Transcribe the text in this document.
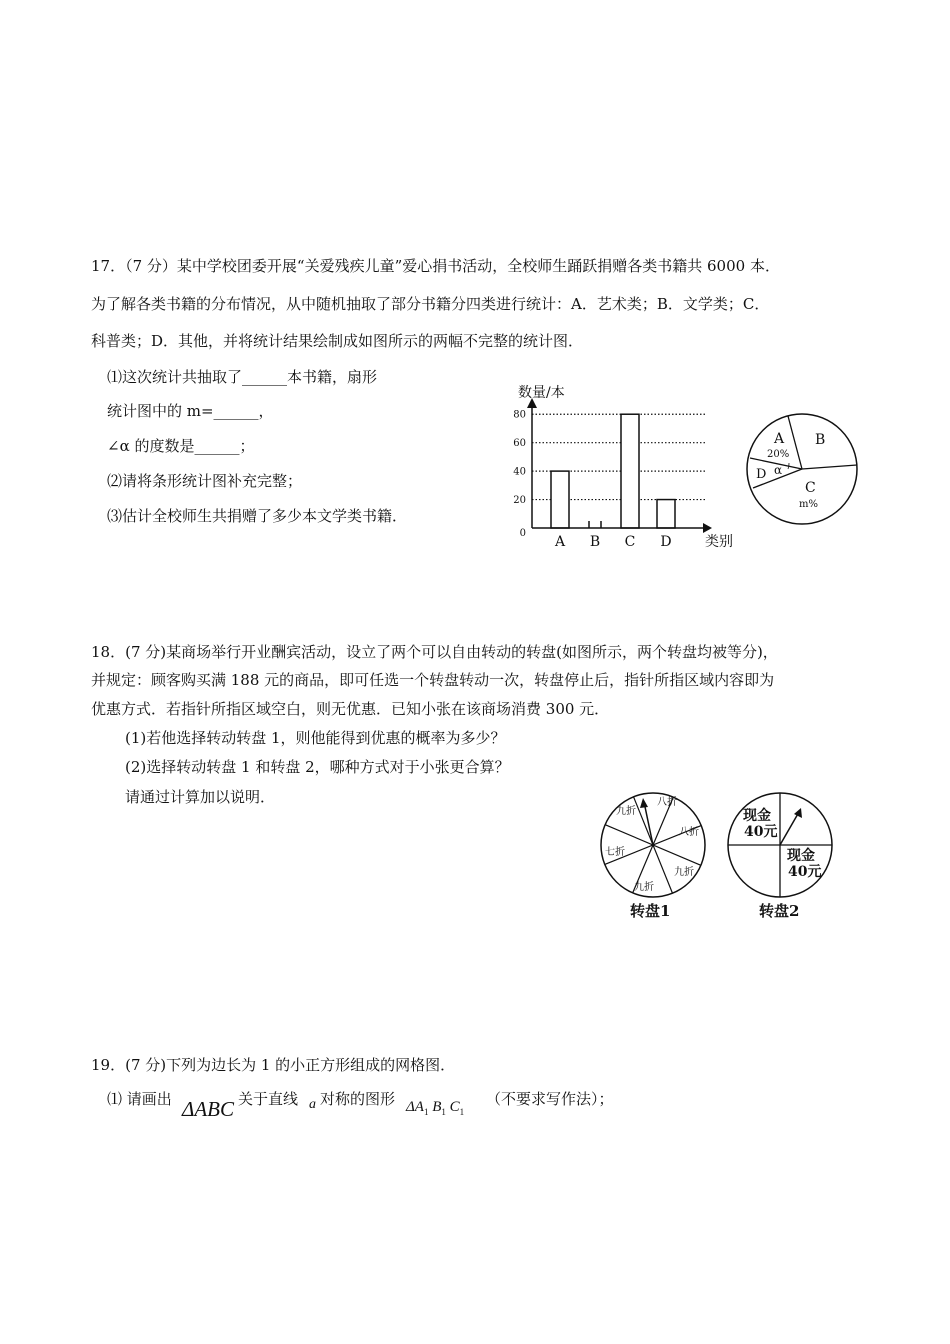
17．（7 分）某中学校团委开展“关爱残疾儿童”爱心捐书活动，全校师生踊跃捐赠各类书籍共 6000 本．
为了解各类书籍的分布情况，从中随机抽取了部分书籍分四类进行统计：A．艺术类；B．文学类；C．
科普类；D．其他，并将统计结果绘制成如图所示的两幅不完整的统计图．
⑴这次统计共抽取了______本书籍，扇形
统计图中的 m=______，
∠α 的度数是______；
⑵请将条形统计图补充完整；
⑶估计全校师生共捐赠了多少本文学类书籍．
数量/本
类别
0
20
40
60
80
A B C D
A
20%
B
C
m%
D α
18．(7 分)某商场举行开业酬宾活动，设立了两个可以自由转动的转盘(如图所示，两个转盘均被等分)，
并规定：顾客购买满 188 元的商品，即可任选一个转盘转动一次，转盘停止后，指针所指区域内容即为
优惠方式．若指针所指区域空白，则无优惠．已知小张在该商场消费 300 元．
(1)若他选择转动转盘 1，则他能得到优惠的概率为多少？
(2)选择转动转盘 1 和转盘 2，哪种方式对于小张更合算？
请通过计算加以说明．	八折
九折
八折
九折
七折
九折
转盘1
现金
40元
现金
40元
转盘2
19．(7 分)下列为边长为 1 的小正方形组成的网格图．
⑴ 请画出 ΔABC 关于直线 a 对称的图形 $\Delta A_1$ $B_1$ $C_1$
（不要求写作法）；
